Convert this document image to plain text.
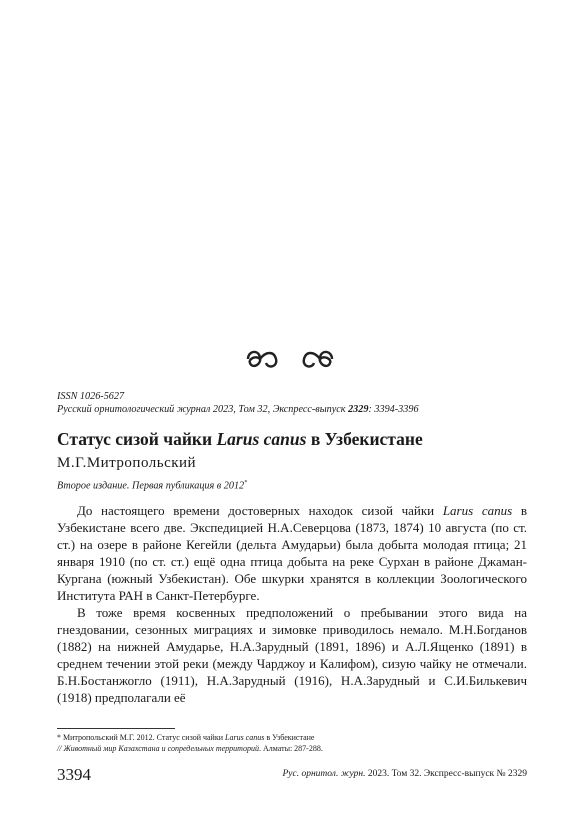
ISSN 1026-5627
Русский орнитологический журнал 2023, Том 32, Экспресс-выпуск 2329: 3394-3396
Статус сизой чайки Larus canus в Узбекистане
М.Г.Митропольский
Второе издание. Первая публикация в 2012*

До настоящего времени достоверных находок сизой чайки Larus canus в Узбекистане всего две. Экспедицией Н.А.Северцова (1873, 1874) 10 августа (по ст. ст.) на озере в районе Кегейли (дельта Амударьи) была добыта молодая птица; 21 января 1910 (по ст. ст.) ещё одна птица добыта на реке Сурхан в районе Джаман-Кургана (южный Узбекистан). Обе шкурки хранятся в коллекции Зоологического Института РАН в Санкт-Петербурге.

В тоже время косвенных предположений о пребывании этого вида на гнездовании, сезонных миграциях и зимовке приводилось немало. М.Н.Богданов (1882) на нижней Амударье, Н.А.Зарудный (1891, 1896) и А.Л.Ященко (1891) в среднем течении этой реки (между Чарджоу и Калифом), сизую чайку не отмечали. Б.Н.Бостанжогло (1911), Н.А.Зарудный (1916), Н.А.Зарудный и С.И.Билькевич (1918) предполагали её

* Митропольский М.Г. 2012. Статус сизой чайки Larus canus в Узбекистане
// Животный мир Казахстана и сопредельных территорий. Алматы: 287-288.
3394	Рус. орнитол. журн. 2023. Том 32. Экспресс-выпуск № 2329
